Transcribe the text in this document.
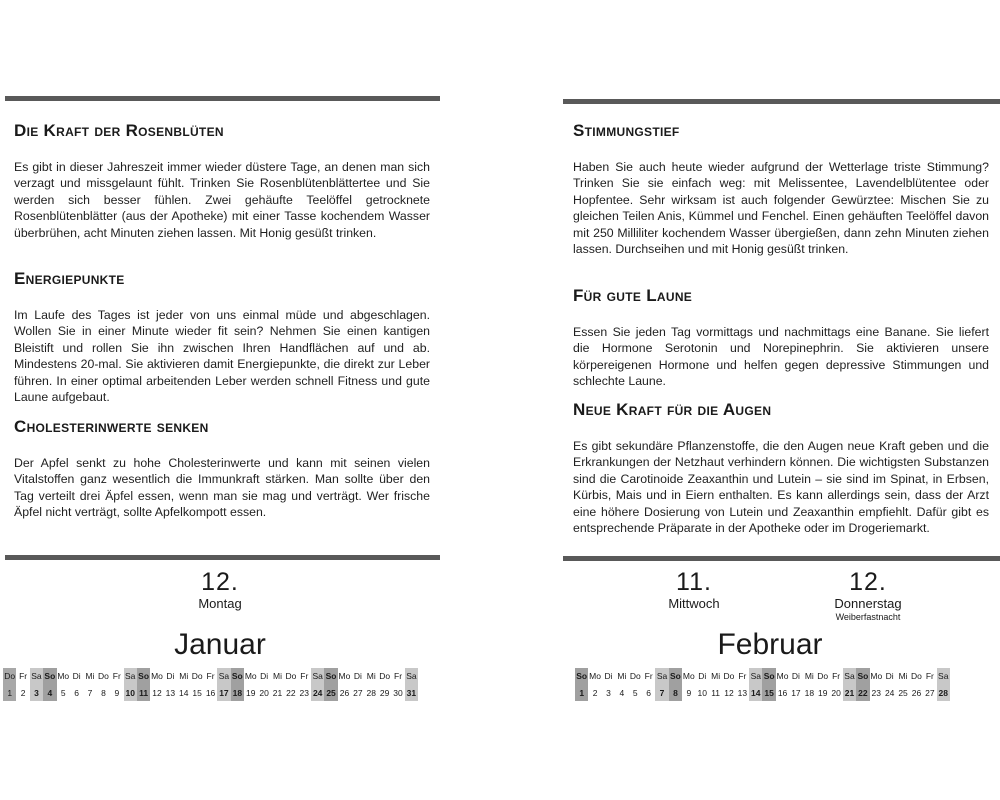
Die Kraft der Rosenblüten

Es gibt in dieser Jahreszeit immer wieder düstere Tage, an denen man sich verzagt und missgelaunt fühlt. Trinken Sie Rosenblütenblättertee und Sie werden sich besser fühlen. Zwei gehäufte Teelöffel getrocknete Rosenblütenblätter (aus der Apotheke) mit einer Tasse kochendem Wasser überbrühen, acht Minuten ziehen lassen. Mit Honig gesüßt trinken.

Energiepunkte

Im Laufe des Tages ist jeder von uns einmal müde und abgeschlagen. Wollen Sie in einer Minute wieder fit sein? Nehmen Sie einen kantigen Bleistift und rollen Sie ihn zwischen Ihren Handflächen auf und ab. Mindestens 20-mal. Sie aktivieren damit Energiepunkte, die direkt zur Leber führen. In einer optimal arbeitenden Leber werden schnell Fitness und gute Laune aufgebaut.

Cholesterinwerte senken

Der Apfel senkt zu hohe Cholesterinwerte und kann mit seinen vielen Vitalstoffen ganz wesentlich die Immunkraft stärken. Man sollte über den Tag verteilt drei Äpfel essen, wenn man sie mag und verträgt. Wer frische Äpfel nicht verträgt, sollte Apfelkompott essen.

12.
Montag
Januar
Do
1
Fr
2
Sa
3
So
4
Mo
5
Di
6
Mi
7
Do
8
Fr
9
Sa
10
So
11
Mo
12
Di
13
Mi
14
Do
15
Fr
16
Sa
17
So
18
Mo
19
Di
20
Mi
21
Do
22
Fr
23
Sa
24
So
25
Mo
26
Di
27
Mi
28
Do
29
Fr
30
Sa
31
Stimmungstief

Haben Sie auch heute wieder aufgrund der Wetterlage triste Stimmung? Trinken Sie sie einfach weg: mit Melissentee, Lavendelblütentee oder Hopfentee. Sehr wirksam ist auch folgender Gewürztee: Mischen Sie zu gleichen Teilen Anis, Kümmel und Fenchel. Einen gehäuften Teelöffel davon mit 250 Milliliter kochendem Wasser übergießen, dann zehn Minuten ziehen lassen. Durchseihen und mit Honig gesüßt trinken.

Für gute Laune

Essen Sie jeden Tag vormittags und nachmittags eine Banane. Sie liefert die Hormone Serotonin und Norepinephrin. Sie aktivieren unsere körpereigenen Hormone und helfen gegen depressive Stimmungen und schlechte Laune.

Neue Kraft für die Augen

Es gibt sekundäre Pflanzenstoffe, die den Augen neue Kraft geben und die Erkrankungen der Netzhaut verhindern können. Die wichtigsten Substanzen sind die Carotinoide Zeaxanthin und Lutein – sie sind im Spinat, in Erbsen, Kürbis, Mais und in Eiern enthalten. Es kann allerdings sein, dass der Arzt eine höhere Dosierung von Lutein und Zeaxanthin empfiehlt. Dafür gibt es entsprechende Präparate in der Apotheke oder im Drogeriemarkt.

11.
Mittwoch
12.
Donnerstag
Weiberfastnacht
Februar
So
1
Mo
2
Di
3
Mi
4
Do
5
Fr
6
Sa
7
So
8
Mo
9
Di
10
Mi
11
Do
12
Fr
13
Sa
14
So
15
Mo
16
Di
17
Mi
18
Do
19
Fr
20
Sa
21
So
22
Mo
23
Di
24
Mi
25
Do
26
Fr
27
Sa
28
